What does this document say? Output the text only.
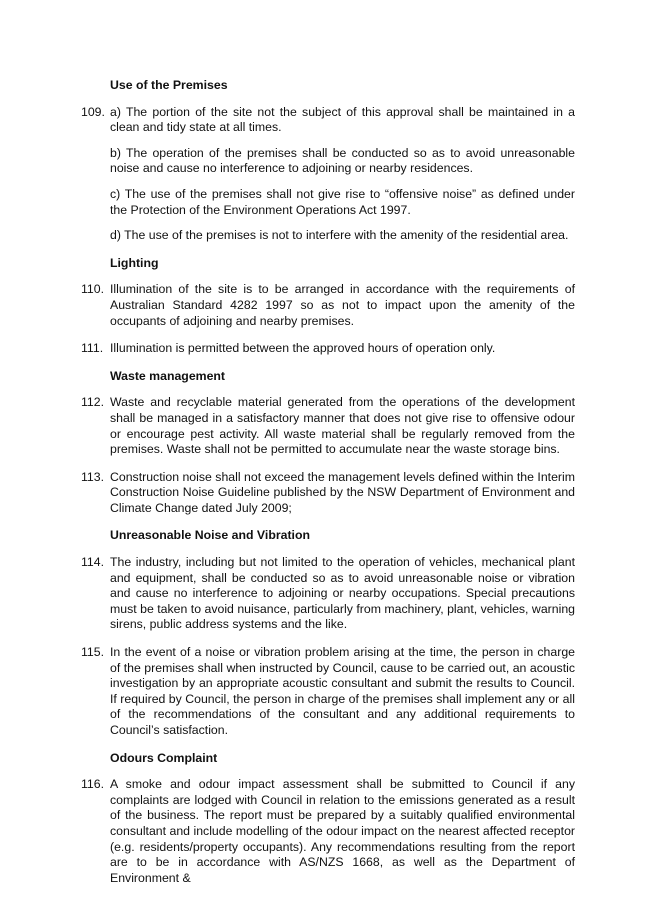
Use of the Premises
109. a) The portion of the site not the subject of this approval shall be maintained in a clean and tidy state at all times.
b) The operation of the premises shall be conducted so as to avoid unreasonable noise and cause no interference to adjoining or nearby residences.
c) The use of the premises shall not give rise to “offensive noise” as defined under the Protection of the Environment Operations Act 1997.
d) The use of the premises is not to interfere with the amenity of the residential area.
Lighting
110. Illumination of the site is to be arranged in accordance with the requirements of Australian Standard 4282 1997 so as not to impact upon the amenity of the occupants of adjoining and nearby premises.
111. Illumination is permitted between the approved hours of operation only.
Waste management
112. Waste and recyclable material generated from the operations of the development shall be managed in a satisfactory manner that does not give rise to offensive odour or encourage pest activity. All waste material shall be regularly removed from the premises. Waste shall not be permitted to accumulate near the waste storage bins.
113. Construction noise shall not exceed the management levels defined within the Interim Construction Noise Guideline published by the NSW Department of Environment and Climate Change dated July 2009;
Unreasonable Noise and Vibration
114. The industry, including but not limited to the operation of vehicles, mechanical plant and equipment, shall be conducted so as to avoid unreasonable noise or vibration and cause no interference to adjoining or nearby occupations. Special precautions must be taken to avoid nuisance, particularly from machinery, plant, vehicles, warning sirens, public address systems and the like.
115. In the event of a noise or vibration problem arising at the time, the person in charge of the premises shall when instructed by Council, cause to be carried out, an acoustic investigation by an appropriate acoustic consultant and submit the results to Council. If required by Council, the person in charge of the premises shall implement any or all of the recommendations of the consultant and any additional requirements to Council’s satisfaction.
Odours Complaint
116. A smoke and odour impact assessment shall be submitted to Council if any complaints are lodged with Council in relation to the emissions generated as a result of the business. The report must be prepared by a suitably qualified environmental consultant and include modelling of the odour impact on the nearest affected receptor (e.g. residents/property occupants). Any recommendations resulting from the report are to be in accordance with AS/NZS 1668, as well as the Department of Environment &
